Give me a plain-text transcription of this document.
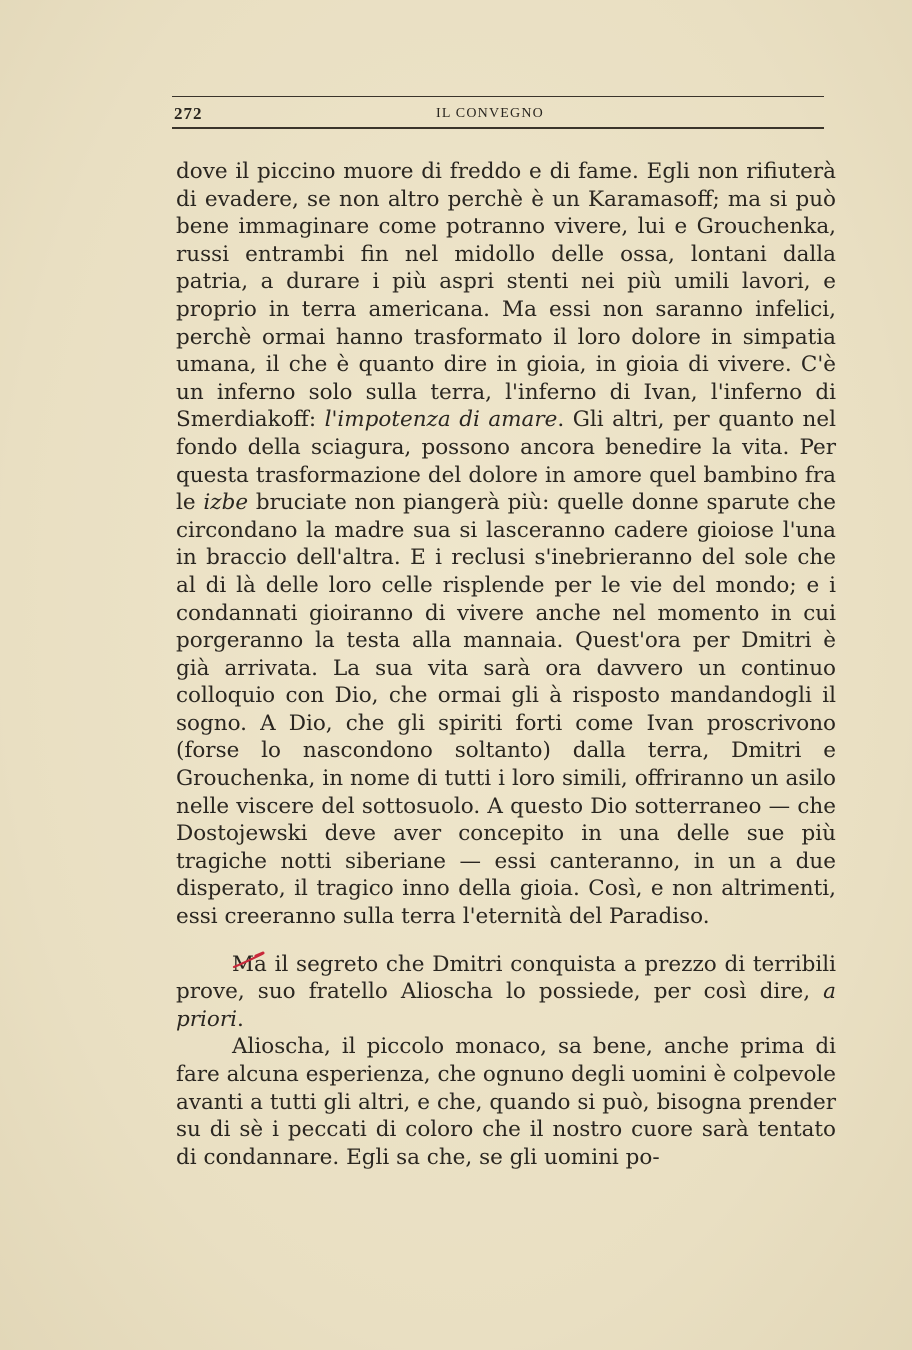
272	IL CONVEGNO

dove il piccino muore di freddo e di fame. Egli non rifiuterà di evadere, se non altro perchè è un Karamasoff; ma si può bene immaginare come potranno vivere, lui e Grouchenka, russi entrambi fin nel midollo delle ossa, lontani dalla patria, a durare i più aspri stenti nei più umili lavori, e proprio in terra americana. Ma essi non saranno infelici, perchè ormai hanno trasformato il loro dolore in simpatia umana, il che è quanto dire in gioia, in gioia di vivere. C'è un inferno solo sulla terra, l'inferno di Ivan, l'inferno di Smerdiakoff: l'impotenza di amare. Gli altri, per quanto nel fondo della sciagura, possono ancora benedire la vita. Per questa trasformazione del dolore in amore quel bambino fra le izbe bruciate non piangerà più: quelle donne sparute che circondano la madre sua si lasceranno cadere gioiose l'una in braccio dell'altra. E i reclusi s'inebrieranno del sole che al di là delle loro celle risplende per le vie del mondo; e i condannati gioiranno di vivere anche nel momento in cui porgeranno la testa alla mannaia. Quest'ora per Dmitri è già arrivata. La sua vita sarà ora davvero un continuo colloquio con Dio, che ormai gli à risposto mandandogli il sogno. A Dio, che gli spiriti forti come Ivan proscrivono (forse lo nascondono soltanto) dalla terra, Dmitri e Grouchenka, in nome di tutti i loro simili, offriranno un asilo nelle viscere del sottosuolo. A questo Dio sotterraneo — che Dostojewski deve aver concepito in una delle sue più tragiche notti siberiane — essi canteranno, in un a due disperato, il tragico inno della gioia. Così, e non altrimenti, essi creeranno sulla terra l'eternità del Paradiso.

Ma il segreto che Dmitri conquista a prezzo di terribili prove, suo fratello Alioscha lo possiede, per così dire, a priori.

Alioscha, il piccolo monaco, sa bene, anche prima di fare alcuna esperienza, che ognuno degli uomini è colpevole avanti a tutti gli altri, e che, quando si può, bisogna prender su di sè i peccati di coloro che il nostro cuore sarà tentato di condannare. Egli sa che, se gli uomini po-
